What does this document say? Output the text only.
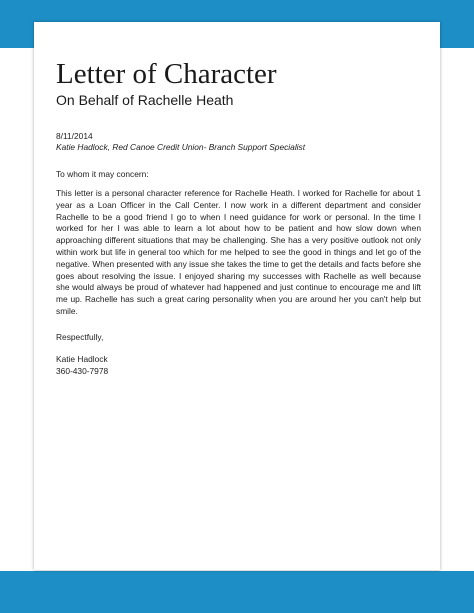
Letter of Character
On Behalf of Rachelle Heath
8/11/2014
Katie Hadlock, Red Canoe Credit Union- Branch Support Specialist
To whom it may concern:
This letter is a personal character reference for Rachelle Heath. I worked for Rachelle for about 1 year as a Loan Officer in the Call Center. I now work in a different department and consider Rachelle to be a good friend I go to when I need guidance for work or personal. In the time I worked for her I was able to learn a lot about how to be patient and how slow down when approaching different situations that may be challenging. She has a very positive outlook not only within work but life in general too which for me helped to see the good in things and let go of the negative. When presented with any issue she takes the time to get the details and facts before she goes about resolving the issue. I enjoyed sharing my successes with Rachelle as well because she would always be proud of whatever had happened and just continue to encourage me and lift me up. Rachelle has such a great caring personality when you are around her you can't help but smile.
Respectfully,
Katie Hadlock
360-430-7978
